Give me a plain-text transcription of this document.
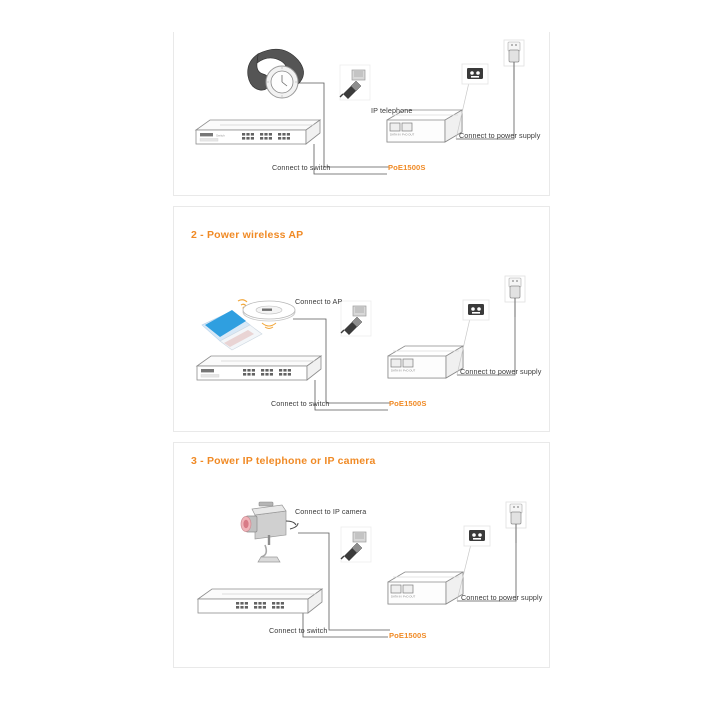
Switch	DATA IN P+D OUT
IP telephone
Connect to switch
Connect to power supply
PoE1500S
2 - Power wireless AP
DATA IN P+D OUT
Connect to AP
Connect to switch
Connect to power supply
PoE1500S
3 - Power IP telephone or IP camera
DATA IN P+D OUT
Connect to IP camera
Connect to switch
Connect to power supply
PoE1500S
